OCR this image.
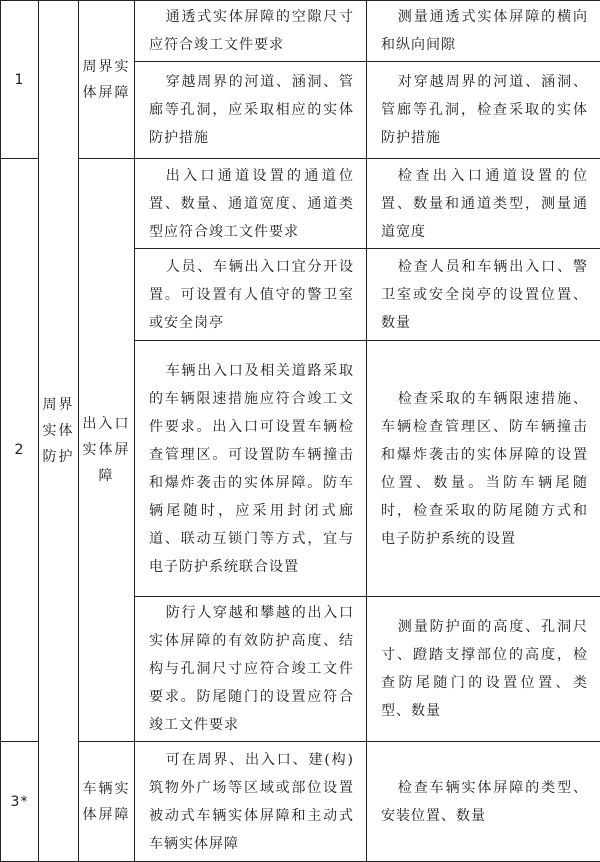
1	周界实体防护	周界实体屏障	通透式实体屏障的空隙尺寸应符合竣工文件要求	测量通透式实体屏障的横向和纵向间隙

			穿越周界的河道、涵洞、管廊等孔洞，应采取相应的实体防护措施	对穿越周界的河道、涵洞、管廊等孔洞，检查采取的实体防护措施

2		出入口实体屏障	出入口通道设置的通道位置、数量、通道宽度、通道类型应符合竣工文件要求	检查出入口通道设置的位置、数量和通道类型，测量通道宽度

			人员、车辆出入口宜分开设置。可设置有人值守的警卫室或安全岗亭	检查人员和车辆出入口、警卫室或安全岗亭的设置位置、数量

			车辆出入口及相关道路采取的车辆限速措施应符合竣工文件要求。出入口可设置车辆检查管理区。可设置防车辆撞击和爆炸袭击的实体屏障。防车辆尾随时，应采用封闭式廊道、联动互锁门等方式，宜与电子防护系统联合设置	检查采取的车辆限速措施、车辆检查管理区、防车辆撞击和爆炸袭击的实体屏障的设置位置、数量。当防车辆尾随时，检查采取的防尾随方式和电子防护系统的设置

			防行人穿越和攀越的出入口实体屏障的有效防护高度、结构与孔洞尺寸应符合竣工文件要求。防尾随门的设置应符合竣工文件要求	测量防护面的高度、孔洞尺寸、蹬踏支撑部位的高度，检查防尾随门的设置位置、类型、数量

3*		车辆实体屏障	可在周界、出入口、建(构)筑物外广场等区域或部位设置被动式车辆实体屏障和主动式车辆实体屏障	检查车辆实体屏障的类型、安装位置、数量
